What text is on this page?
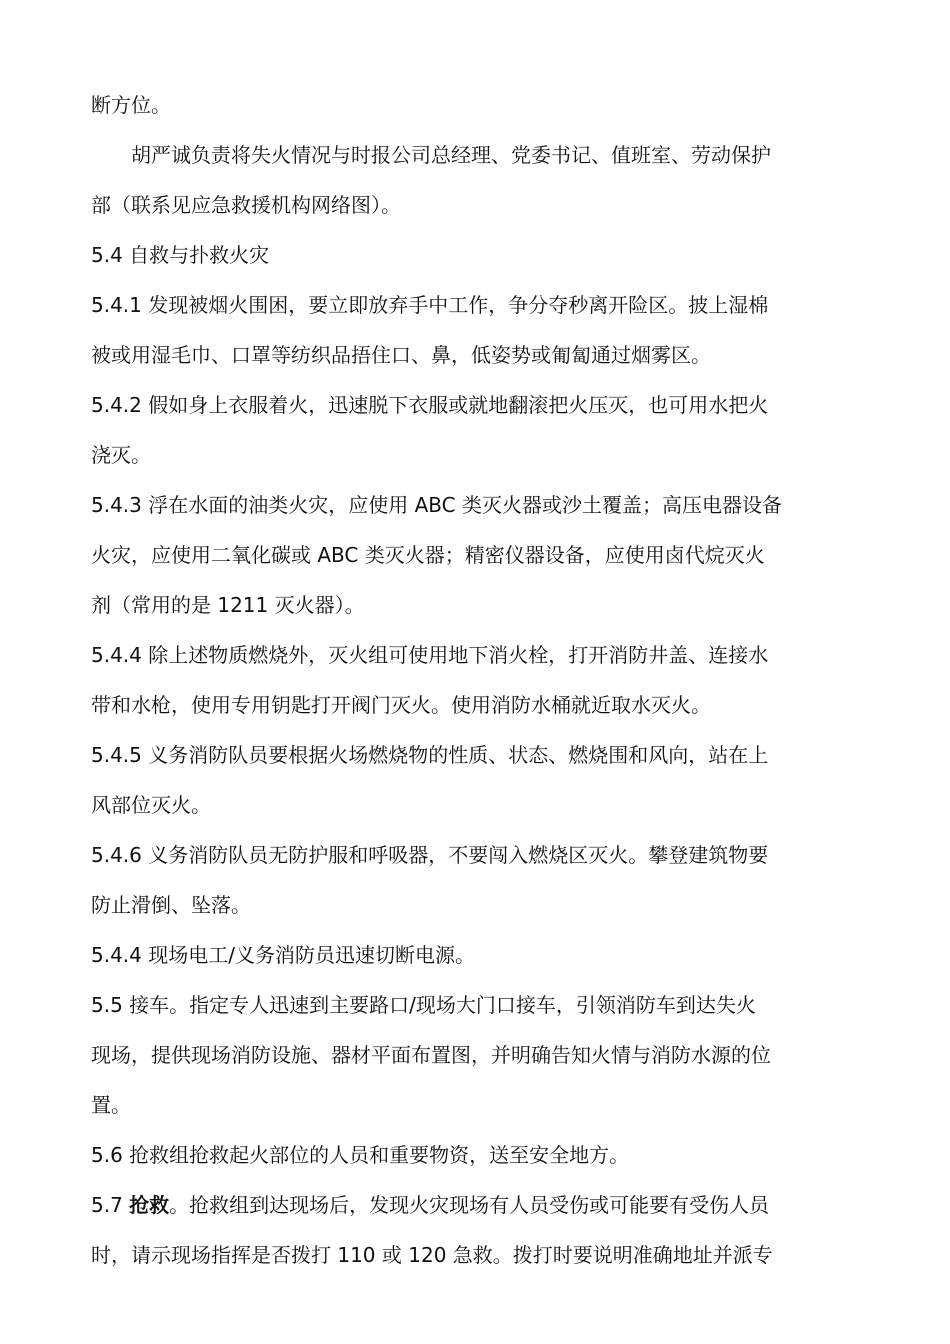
断方位。

胡严诚负责将失火情况与时报公司总经理、党委书记、值班室、劳动保护

部（联系见应急救援机构网络图）。

5.4 自救与扑救火灾

5.4.1 发现被烟火围困，要立即放弃手中工作，争分夺秒离开险区。披上湿棉

被或用湿毛巾、口罩等纺织品捂住口、鼻，低姿势或匍匐通过烟雾区。

5.4.2 假如身上衣服着火，迅速脱下衣服或就地翻滚把火压灭，也可用水把火

浇灭。

5.4.3 浮在水面的油类火灾，应使用 ABC 类灭火器或沙土覆盖；高压电器设备

火灾，应使用二氧化碳或 ABC 类灭火器；精密仪器设备，应使用卤代烷灭火

剂（常用的是 1211 灭火器）。

5.4.4 除上述物质燃烧外，灭火组可使用地下消火栓，打开消防井盖、连接水

带和水枪，使用专用钥匙打开阀门灭火。使用消防水桶就近取水灭火。

5.4.5 义务消防队员要根据火场燃烧物的性质、状态、燃烧围和风向，站在上

风部位灭火。

5.4.6 义务消防队员无防护服和呼吸器，不要闯入燃烧区灭火。攀登建筑物要

防止滑倒、坠落。

5.4.4 现场电工/义务消防员迅速切断电源。

5.5 接车。指定专人迅速到主要路口/现场大门口接车，引领消防车到达失火

现场，提供现场消防设施、器材平面布置图，并明确告知火情与消防水源的位

置。

5.6 抢救组抢救起火部位的人员和重要物资，送至安全地方。

5.7 抢救。抢救组到达现场后，发现火灾现场有人员受伤或可能要有受伤人员

时，请示现场指挥是否拨打 110 或 120 急救。拨打时要说明准确地址并派专
